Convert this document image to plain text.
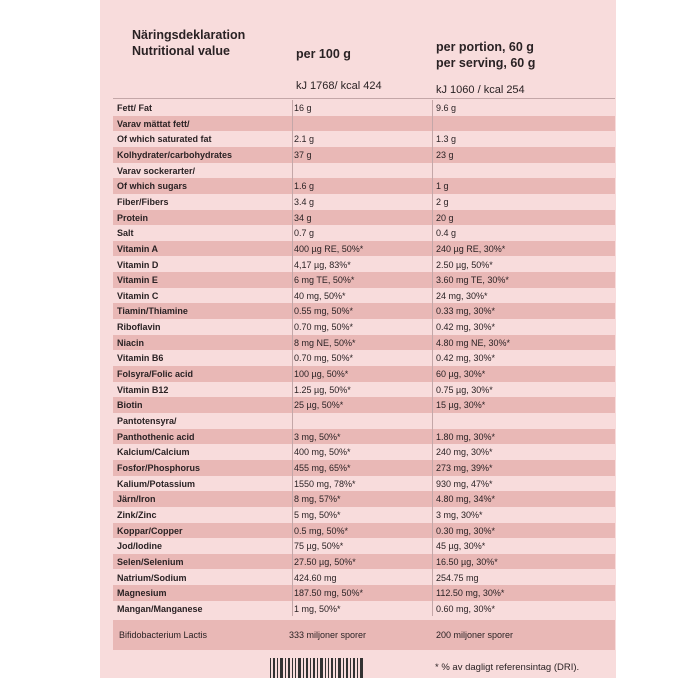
Näringsdeklaration
Nutritional value	per 100 g	per portion, 60 g
per serving, 60 g
kJ 1768/ kcal 424	kJ 1060 / kcal 254
Fett/ Fat	16 g	9.6 g
Varav mättat fett/
Of which saturated fat	2.1 g	1.3 g
Kolhydrater/carbohydrates	37 g	23 g
Varav sockerarter/
Of which sugars	1.6 g	1 g
Fiber/Fibers	3.4 g	2 g
Protein	34 g	20 g
Salt	0.7 g	0.4 g
Vitamin A	400 µg RE, 50%*	240 µg RE, 30%*
Vitamin D	4,17 µg, 83%*	2.50 µg, 50%*
Vitamin E	6 mg TE, 50%*	3.60 mg TE, 30%*
Vitamin C	40 mg, 50%*	24 mg, 30%*
Tiamin/Thiamine	0.55 mg, 50%*	0.33 mg, 30%*
Riboflavin	0.70 mg, 50%*	0.42 mg, 30%*
Niacin	8 mg NE, 50%*	4.80 mg NE, 30%*
Vitamin B6	0.70 mg, 50%*	0.42 mg, 30%*
Folsyra/Folic acid	100 µg, 50%*	60 µg, 30%*
Vitamin B12	1.25 µg, 50%*	0.75 µg, 30%*
Biotin	25 µg, 50%*	15 µg, 30%*
Pantotensyra/
Panthothenic acid	3 mg, 50%*	1.80 mg, 30%*
Kalcium/Calcium	400 mg, 50%*	240 mg, 30%*
Fosfor/Phosphorus	455 mg, 65%*	273 mg, 39%*
Kalium/Potassium	1550 mg, 78%*	930 mg, 47%*
Järn/Iron	8 mg, 57%*	4.80 mg, 34%*
Zink/Zinc	5 mg, 50%*	3 mg, 30%*
Koppar/Copper	0.5 mg, 50%*	0.30 mg, 30%*
Jod/Iodine	75 µg, 50%*	45 µg, 30%*
Selen/Selenium	27.50 µg, 50%*	16.50 µg, 30%*
Natrium/Sodium	424.60 mg	254.75 mg
Magnesium	187.50 mg, 50%*	112.50 mg, 30%*
Mangan/Manganese	1 mg, 50%*	0.60 mg, 30%*
Bifidobacterium Lactis	333 miljoner sporer	200 miljoner sporer
* % av dagligt referensintag (DRI).
